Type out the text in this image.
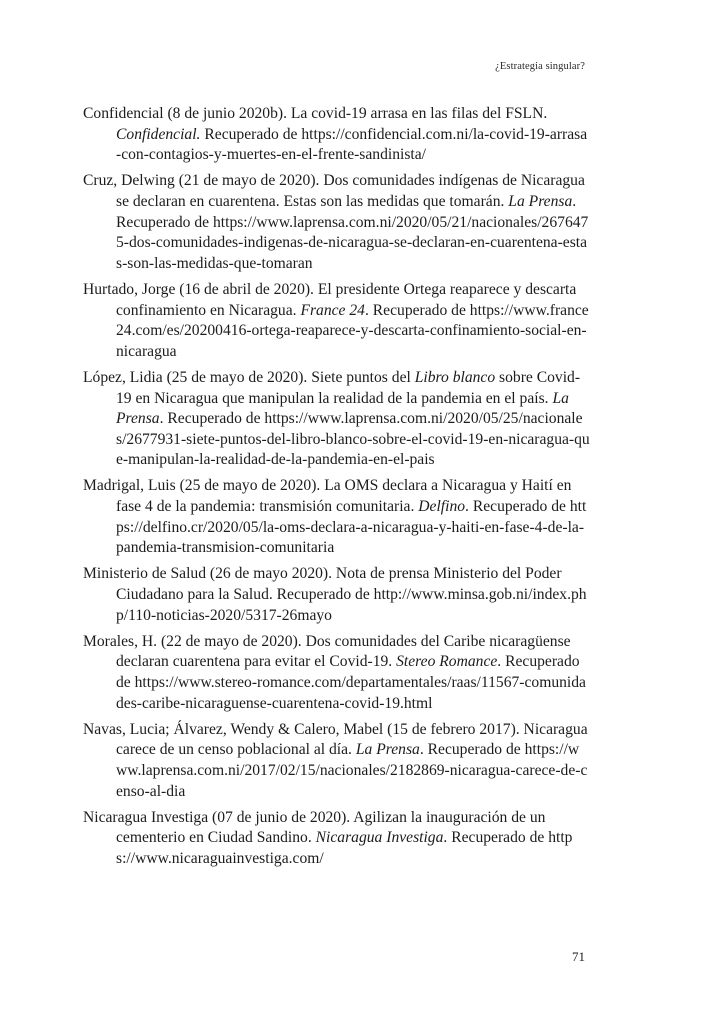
¿Estrategia singular?
Confidencial (8 de junio 2020b). La covid-19 arrasa en las filas del FSLN. Confidencial. Recuperado de https://confidencial.com.ni/la-covid-19-arrasa-con-contagios-y-muertes-en-el-frente-sandinista/
Cruz, Delwing (21 de mayo de 2020). Dos comunidades indígenas de Nicaragua se declaran en cuarentena. Estas son las medidas que tomarán. La Prensa. Recuperado de https://www.laprensa.com.ni/2020/05/21/nacionales/2676475-dos-comunidades-indigenas-de-nicaragua-se-declaran-en-cuarentena-estas-son-las-medidas-que-tomaran
Hurtado, Jorge (16 de abril de 2020). El presidente Ortega reaparece y descarta confinamiento en Nicaragua. France 24. Recuperado de https://www.france24.com/es/20200416-ortega-reaparece-y-descarta-confinamiento-social-en-nicaragua
López, Lidia (25 de mayo de 2020). Siete puntos del Libro blanco sobre Covid-19 en Nicaragua que manipulan la realidad de la pandemia en el país. La Prensa. Recuperado de https://www.laprensa.com.ni/2020/05/25/nacionales/2677931-siete-puntos-del-libro-blanco-sobre-el-covid-19-en-nicaragua-que-manipulan-la-realidad-de-la-pandemia-en-el-pais
Madrigal, Luis (25 de mayo de 2020). La OMS declara a Nicaragua y Haití en fase 4 de la pandemia: transmisión comunitaria. Delfino. Recuperado de https://delfino.cr/2020/05/la-oms-declara-a-nicaragua-y-haiti-en-fase-4-de-la-pandemia-transmision-comunitaria
Ministerio de Salud (26 de mayo 2020). Nota de prensa Ministerio del Poder Ciudadano para la Salud. Recuperado de http://www.minsa.gob.ni/index.php/110-noticias-2020/5317-26mayo
Morales, H. (22 de mayo de 2020). Dos comunidades del Caribe nicaragüense declaran cuarentena para evitar el Covid-19. Stereo Romance. Recuperado de https://www.stereo-romance.com/departamentales/raas/11567-comunidades-caribe-nicaraguense-cuarentena-covid-19.html
Navas, Lucia; Álvarez, Wendy & Calero, Mabel (15 de febrero 2017). Nicaragua carece de un censo poblacional al día. La Prensa. Recuperado de https://www.laprensa.com.ni/2017/02/15/nacionales/2182869-nicaragua-carece-de-censo-al-dia
Nicaragua Investiga (07 de junio de 2020). Agilizan la inauguración de un cementerio en Ciudad Sandino. Nicaragua Investiga. Recuperado de https://www.nicaraguainvestiga.com/
71
